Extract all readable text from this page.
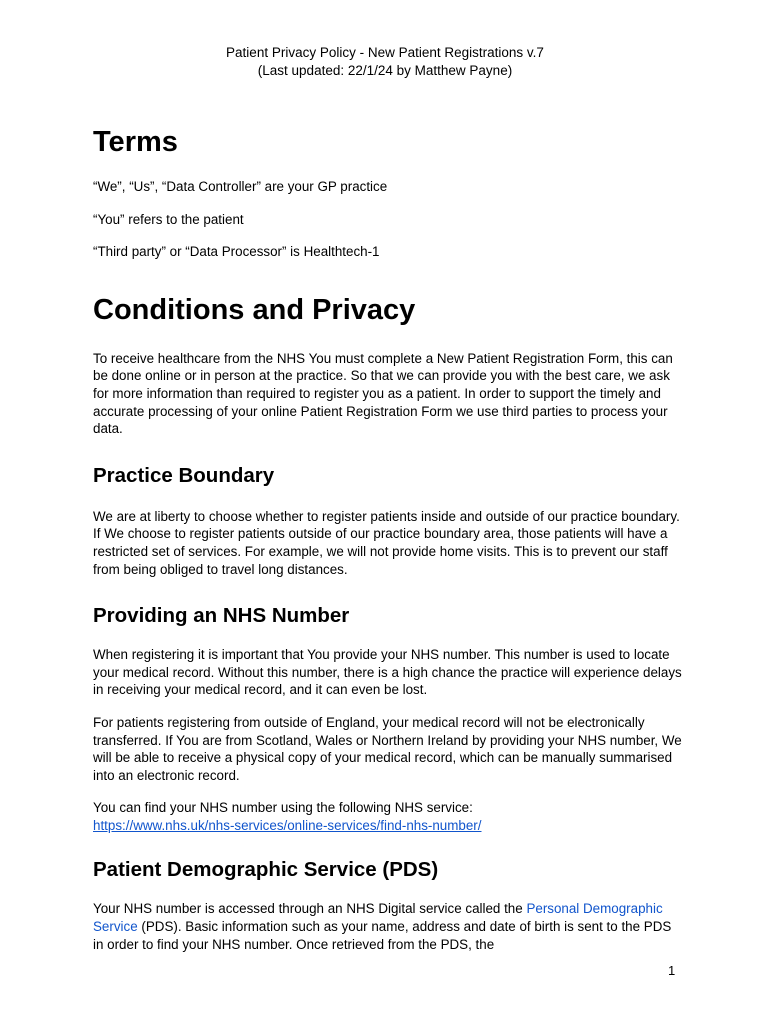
Patient Privacy Policy - New Patient Registrations v.7
(Last updated: 22/1/24 by Matthew Payne)
Terms

“We”, “Us”, “Data Controller” are your GP practice

“You” refers to the patient

“Third party” or “Data Processor” is Healthtech-1

Conditions and Privacy

To receive healthcare from the NHS You must complete a New Patient Registration Form, this can be done online or in person at the practice. So that we can provide you with the best care, we ask for more information than required to register you as a patient. In order to support the timely and accurate processing of your online Patient Registration Form we use third parties to process your data.

Practice Boundary

We are at liberty to choose whether to register patients inside and outside of our practice boundary. If We choose to register patients outside of our practice boundary area, those patients will have a restricted set of services. For example, we will not provide home visits. This is to prevent our staff from being obliged to travel long distances.

Providing an NHS Number

When registering it is important that You provide your NHS number. This number is used to locate your medical record. Without this number, there is a high chance the practice will experience delays in receiving your medical record, and it can even be lost.

For patients registering from outside of England, your medical record will not be electronically transferred. If You are from Scotland, Wales or Northern Ireland by providing your NHS number, We will be able to receive a physical copy of your medical record, which can be manually summarised into an electronic record.

You can find your NHS number using the following NHS service:
https://www.nhs.uk/nhs-services/online-services/find-nhs-number/

Patient Demographic Service (PDS)

Your NHS number is accessed through an NHS Digital service called the Personal Demographic Service (PDS). Basic information such as your name, address and date of birth is sent to the PDS in order to find your NHS number. Once retrieved from the PDS, the

1
